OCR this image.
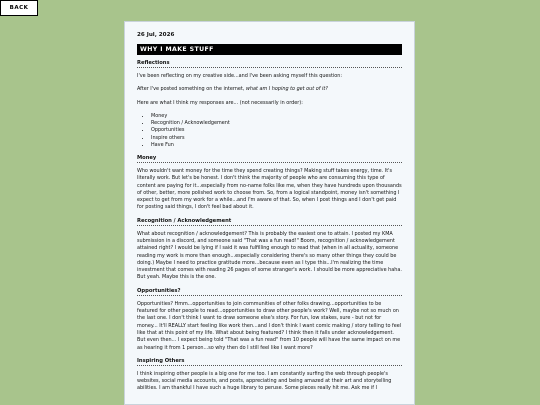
BACK
26 Jul, 2026
WHY I MAKE STUFF
Reflections

I've been reflecting on my creative side...and I've been asking myself this question:

After I've posted something on the internet, what am I hoping to get out of it?

Here are what I think my responses are... (not necessarily in order):

• Money
• Recognition / Acknowledgement
• Opportunities
• Inspire others
• Have Fun
Money

Who wouldn't want money for the time they spend creating things? Making stuff takes energy, time. It's literally work. But let's be honest. I don't think the majority of people who are consuming this type of content are paying for it...especially from no-name folks like me, when they have hundreds upon thousands of other, better, more polished work to choose from. So, from a logical standpoint, money isn't something I expect to get from my work for a while...and I'm aware of that. So, when I post things and I don't get paid for posting said things, I don't feel bad about it.

Recognition / Acknowledgement

What about recognition / acknowledgement? This is probably the easiest one to attain. I posted my KMA submission in a discord, and someone said "That was a fun read!" Boom, recognition / acknowledgement attained right? I would be lying if I said it was fulfilling enough to read that (when in all actuality, someone reading my work is more than enough...especially considering there's so many other things they could be doing.) Maybe I need to practice gratitude more...because even as I type this...I'm realizing the time investment that comes with reading 26 pages of some stranger's work. I should be more appreciative haha. But yeah. Maybe this is the one.

Opportunities?

Opportunities? Hmm...opportunities to join communities of other folks drawing...opportunities to be featured for other people to read...opportunities to draw other people's work? Well, maybe not so much on the last one. I don't think I want to draw someone else's story. For fun, low stakes, sure - but not for money... It'll REALLY start feeling like work then...and I don't think I want comic making / story telling to feel like that at this point of my life. What about being featured? I think then it falls under acknowledgement. But even then... I expect being told "That was a fun read" from 10 people will have the same impact on me as hearing it from 1 person...so why then do I still feel like I want more?

Inspiring Others

I think inspiring other people is a big one for me too. I am constantly surfing the web through people's websites, social media accounts, and posts, appreciating and being amazed at their art and storytelling abilities. I am thankful I have such a huge library to peruse. Some pieces really hit me. Ask me if I
